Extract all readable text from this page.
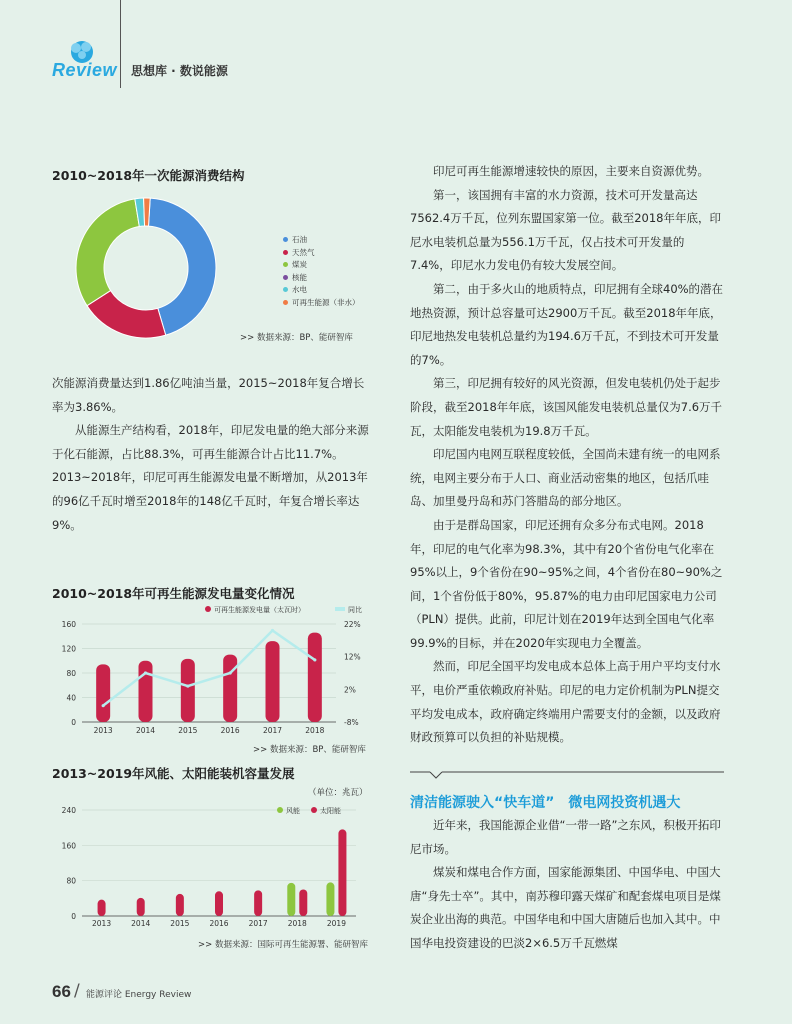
Review 思想库 · 数说能源
2010~2018年一次能源消费结构
石油
天然气
煤炭
核能
水电
可再生能源（非水）
>> 数据来源：BP、能研智库

次能源消费量达到1.86亿吨油当量，2015~2018年复合增长率为3.86%。

从能源生产结构看，2018年，印尼发电量的绝大部分来源于化石能源，占比88.3%，可再生能源合计占比11.7%。2013~2018年，印尼可再生能源发电量不断增加，从2013年的96亿千瓦时增至2018年的148亿千瓦时，年复合增长率达9%。

2010~2018年可再生能源发电量变化情况
0
40
80
120
160
-8%
2%
12%
22%
可再生能源发电量（太瓦时）	同比
2013	2014	2015	2016	2017	2018
>> 数据来源：BP、能研智库
2013~2019年风能、太阳能装机容量发展
（单位：兆瓦）
0
80
160
240	风能	太阳能
2013	2014	2015	2016	2017	2018	2019
>> 数据来源：国际可再生能源署、能研智库

印尼可再生能源增速较快的原因，主要来自资源优势。

第一，该国拥有丰富的水力资源，技术可开发量高达7562.4万千瓦，位列东盟国家第一位。截至2018年年底，印尼水电装机总量为556.1万千瓦，仅占技术可开发量的7.4%，印尼水力发电仍有较大发展空间。

第二，由于多火山的地质特点，印尼拥有全球40%的潜在地热资源，预计总容量可达2900万千瓦。截至2018年年底，印尼地热发电装机总量约为194.6万千瓦，不到技术可开发量的7%。

第三，印尼拥有较好的风光资源，但发电装机仍处于起步阶段，截至2018年年底，该国风能发电装机总量仅为7.6万千瓦，太阳能发电装机为19.8万千瓦。

印尼国内电网互联程度较低，全国尚未建有统一的电网系统，电网主要分布于人口、商业活动密集的地区，包括爪哇岛、加里曼丹岛和苏门答腊岛的部分地区。

由于是群岛国家，印尼还拥有众多分布式电网。2018年，印尼的电气化率为98.3%，其中有20个省份电气化率在95%以上，9个省份在90~95%之间，4个省份在80~90%之间，1个省份低于80%，95.87%的电力由印尼国家电力公司（PLN）提供。此前，印尼计划在2019年达到全国电气化率99.9%的目标，并在2020年实现电力全覆盖。

然而，印尼全国平均发电成本总体上高于用户平均支付水平，电价严重依赖政府补贴。印尼的电力定价机制为PLN提交平均发电成本，政府确定终端用户需要支付的金额，以及政府财政预算可以负担的补贴规模。

清洁能源驶入“快车道”　微电网投资机遇大

近年来，我国能源企业借“一带一路”之东风，积极开拓印尼市场。

煤炭和煤电合作方面，国家能源集团、中国华电、中国大唐“身先士卒”。其中，南苏穆印露天煤矿和配套煤电项目是煤炭企业出海的典范。中国华电和中国大唐随后也加入其中。中国华电投资建设的巴淡2×6.5万千瓦燃煤

66 / 能源评论 Energy Review
